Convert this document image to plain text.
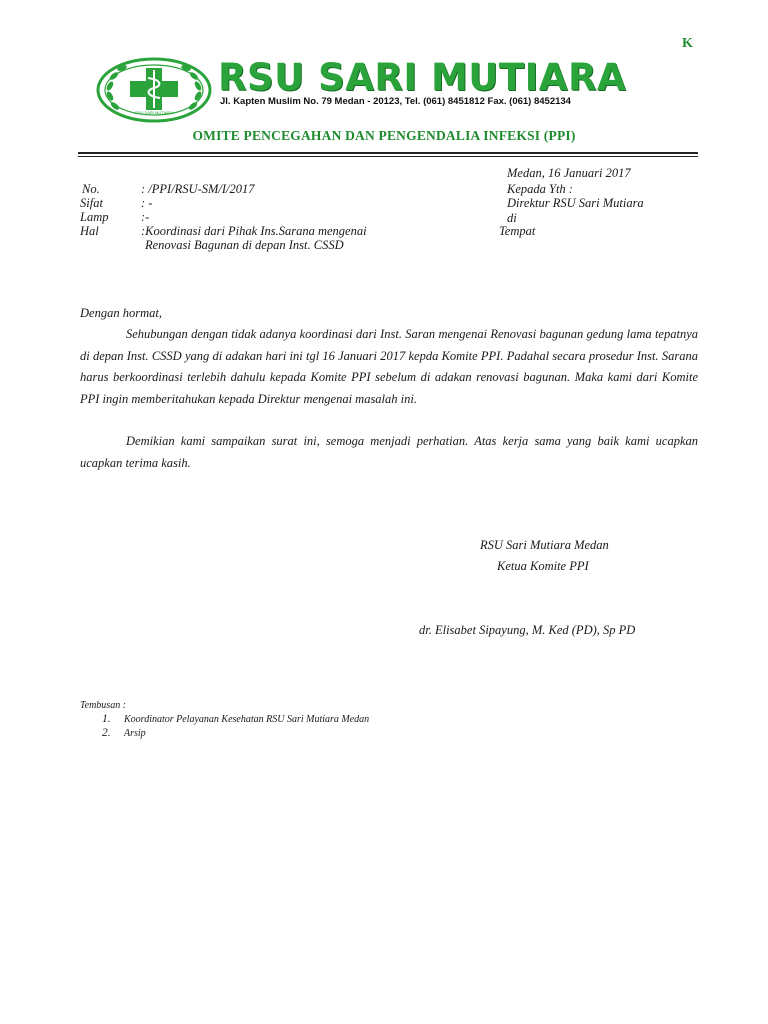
K
RSU SARI MUTIARA
RSU SARI MUTIARA
Jl. Kapten Muslim No. 79 Medan - 20123, Tel. (061) 8451812 Fax. (061) 8452134
OMITE PENCEGAHAN DAN PENGENDALIA INFEKSI (PPI)
Medan, 16 Januari 2017
Kepada Yth :
Direktur RSU Sari Mutiara
di
Tempat
No.	: /PPI/RSU-SM/I/2017
Sifat	: -
Lamp	:-
Hal	:Koordinasi dari Pihak Ins.Sarana mengenai
Renovasi Bagunan di depan Inst. CSSD
Dengan hormat,
Sehubungan dengan tidak adanya koordinasi dari Inst. Saran mengenai Renovasi bagunan gedung lama tepatnya di depan Inst. CSSD yang di adakan hari ini tgl 16 Januari 2017 kepda Komite PPI. Padahal secara prosedur Inst. Sarana harus berkoordinasi terlebih dahulu kepada Komite PPI sebelum di adakan renovasi bagunan. Maka kami dari Komite PPI ingin memberitahukan kepada Direktur mengenai masalah ini.
Demikian kami sampaikan surat ini, semoga menjadi perhatian. Atas kerja sama yang baik kami ucapkan ucapkan terima kasih.
RSU Sari Mutiara Medan
Ketua Komite PPI
dr. Elisabet Sipayung, M. Ked (PD), Sp PD
Tembusan :
1. Koordinator Pelayanan Kesehatan RSU Sari Mutiara Medan
2. Arsip
